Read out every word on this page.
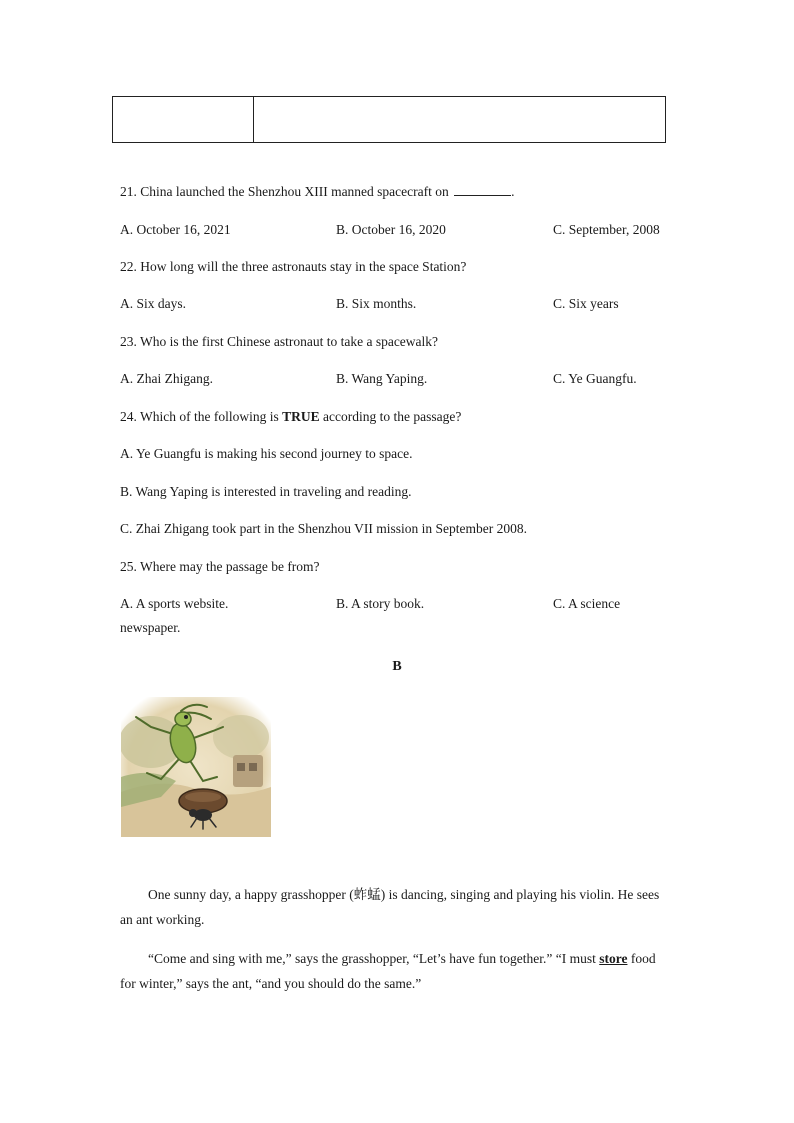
21. China launched the Shenzhou XIII manned spacecraft on	.
A. October 16, 2021	B. October 16, 2020	C. September, 2008
22. How long will the three astronauts stay in the space Station?
A. Six days.	B. Six months.	C. Six years
23. Who is the first Chinese astronaut to take a spacewalk?
A. Zhai Zhigang.	B. Wang Yaping.	C. Ye Guangfu.
24. Which of the following is TRUE according to the passage?
A. Ye Guangfu is making his second journey to space.
B. Wang Yaping is interested in traveling and reading.
C. Zhai Zhigang took part in the Shenzhou VII mission in September 2008.
25. Where may the passage be from?
A. A sports website.	B. A story book.	C. A science
newspaper.
B
One sunny day, a happy grasshopper (蚱蜢) is dancing, singing and playing his violin. He sees an ant working.
“Come and sing with me,” says the grasshopper, “Let’s have fun together.” “I must store food for winter,” says the ant, “and you should do the same.”
